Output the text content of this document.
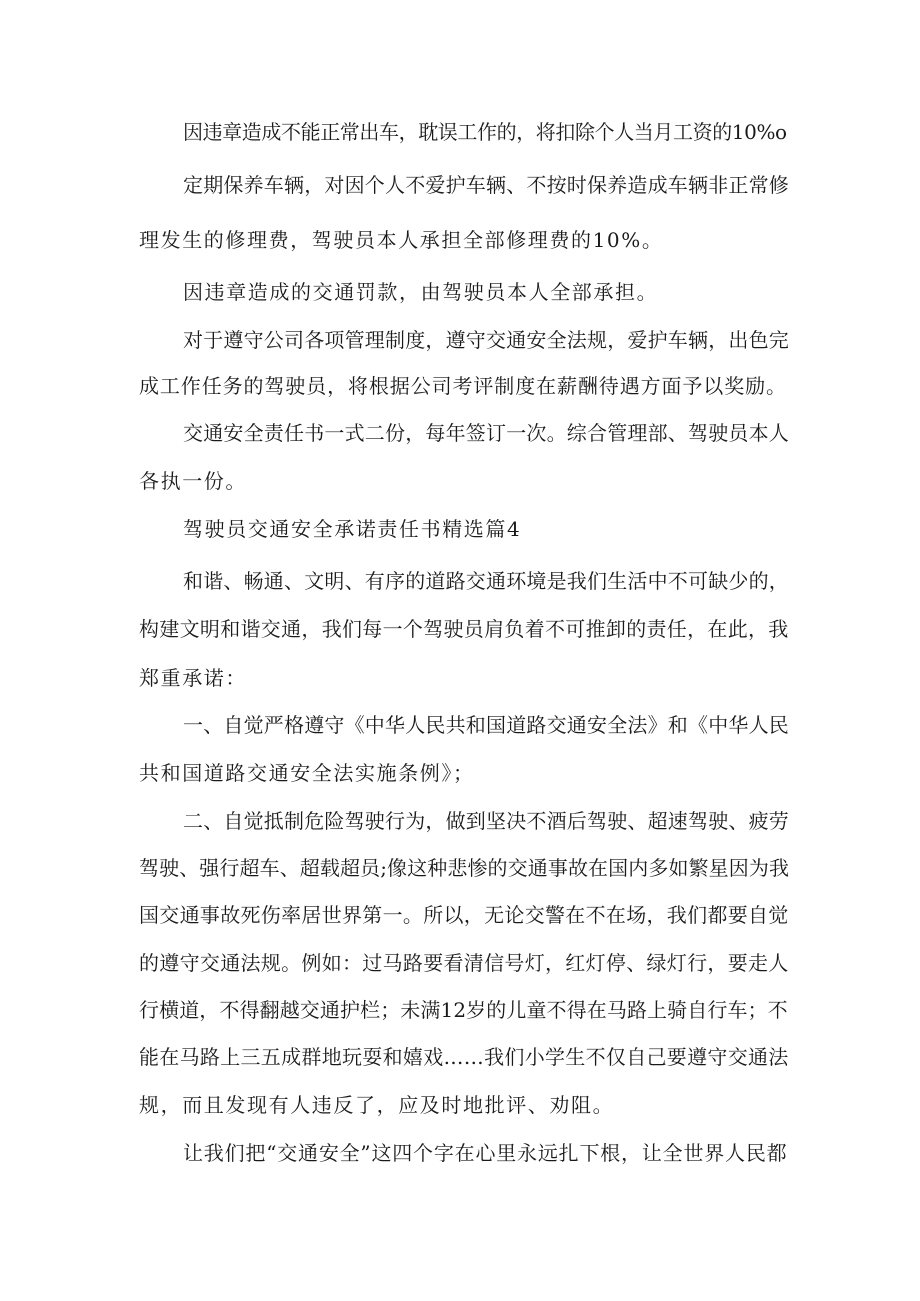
因违章造成不能正常出车，耽误工作的，将扣除个人当月工资的10%o

定期保养车辆，对因个人不爱护车辆、不按时保养造成车辆非正常修

理发生的修理费，驾驶员本人承担全部修理费的10%。

因违章造成的交通罚款，由驾驶员本人全部承担。

对于遵守公司各项管理制度，遵守交通安全法规，爱护车辆，出色完

成工作任务的驾驶员，将根据公司考评制度在薪酬待遇方面予以奖励。

交通安全责任书一式二份，每年签订一次。综合管理部、驾驶员本人

各执一份。

驾驶员交通安全承诺责任书精选篇4

和谐、畅通、文明、有序的道路交通环境是我们生活中不可缺少的，

构建文明和谐交通，我们每一个驾驶员肩负着不可推卸的责任，在此，我

郑重承诺：

一、自觉严格遵守《中华人民共和国道路交通安全法》和《中华人民

共和国道路交通安全法实施条例》；

二、自觉抵制危险驾驶行为，做到坚决不酒后驾驶、超速驾驶、疲劳

驾驶、强行超车、超载超员;像这种悲惨的交通事故在国内多如繁星因为我

国交通事故死伤率居世界第一。所以，无论交警在不在场，我们都要自觉

的遵守交通法规。例如：过马路要看清信号灯，红灯停、绿灯行，要走人

行横道，不得翻越交通护栏；未满12岁的儿童不得在马路上骑自行车；不

能在马路上三五成群地玩耍和嬉戏……我们小学生不仅自己要遵守交通法

规，而且发现有人违反了，应及时地批评、劝阻。

让我们把“交通安全”这四个字在心里永远扎下根，让全世界人民都
